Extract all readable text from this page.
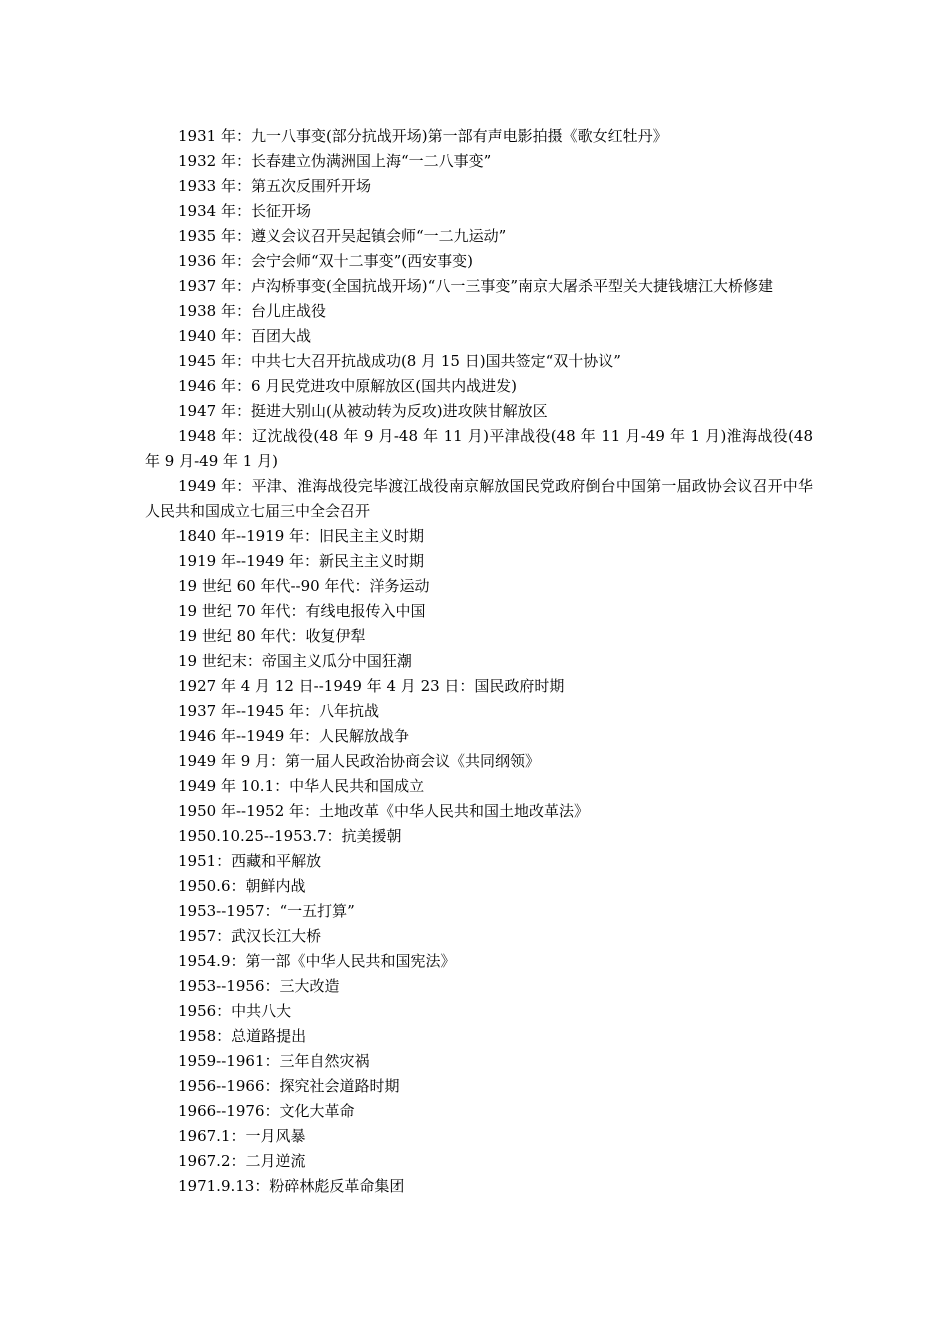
1931 年：九一八事变(部分抗战开场)第一部有声电影拍摄《歌女红牡丹》

1932 年：长春建立伪满洲国上海“一二八事变”

1933 年：第五次反围歼开场

1934 年：长征开场

1935 年：遵义会议召开吴起镇会师“一二九运动”

1936 年：会宁会师“双十二事变”(西安事变)

1937 年：卢沟桥事变(全国抗战开场)“八一三事变”南京大屠杀平型关大捷钱塘江大桥修建

1938 年：台儿庄战役

1940 年：百团大战

1945 年：中共七大召开抗战成功(8 月 15 日)国共签定“双十协议”

1946 年：6 月民党进攻中原解放区(国共内战进发)

1947 年：挺进大别山(从被动转为反攻)进攻陕甘解放区

1948 年：辽沈战役(48 年 9 月-48 年 11 月)平津战役(48 年 11 月-49 年 1 月)淮海战役(48 年 9 月-49 年 1 月)

1949 年：平津、淮海战役完毕渡江战役南京解放国民党政府倒台中国第一届政协会议召开中华人民共和国成立七届三中全会召开

1840 年--1919 年：旧民主主义时期

1919 年--1949 年：新民主主义时期

19 世纪 60 年代--90 年代：洋务运动

19 世纪 70 年代：有线电报传入中国

19 世纪 80 年代：收复伊犁

19 世纪末：帝国主义瓜分中国狂潮

1927 年 4 月 12 日--1949 年 4 月 23 日：国民政府时期

1937 年--1945 年：八年抗战

1946 年--1949 年：人民解放战争

1949 年 9 月：第一届人民政治协商会议《共同纲领》

1949 年 10.1：中华人民共和国成立

1950 年--1952 年：土地改革《中华人民共和国土地改革法》

1950.10.25--1953.7：抗美援朝

1951：西藏和平解放

1950.6：朝鲜内战

1953--1957：“一五打算”

1957：武汉长江大桥

1954.9：第一部《中华人民共和国宪法》

1953--1956：三大改造

1956：中共八大

1958：总道路提出

1959--1961：三年自然灾祸

1956--1966：探究社会道路时期

1966--1976：文化大革命

1967.1：一月风暴

1967.2：二月逆流

1971.9.13：粉碎林彪反革命集团
